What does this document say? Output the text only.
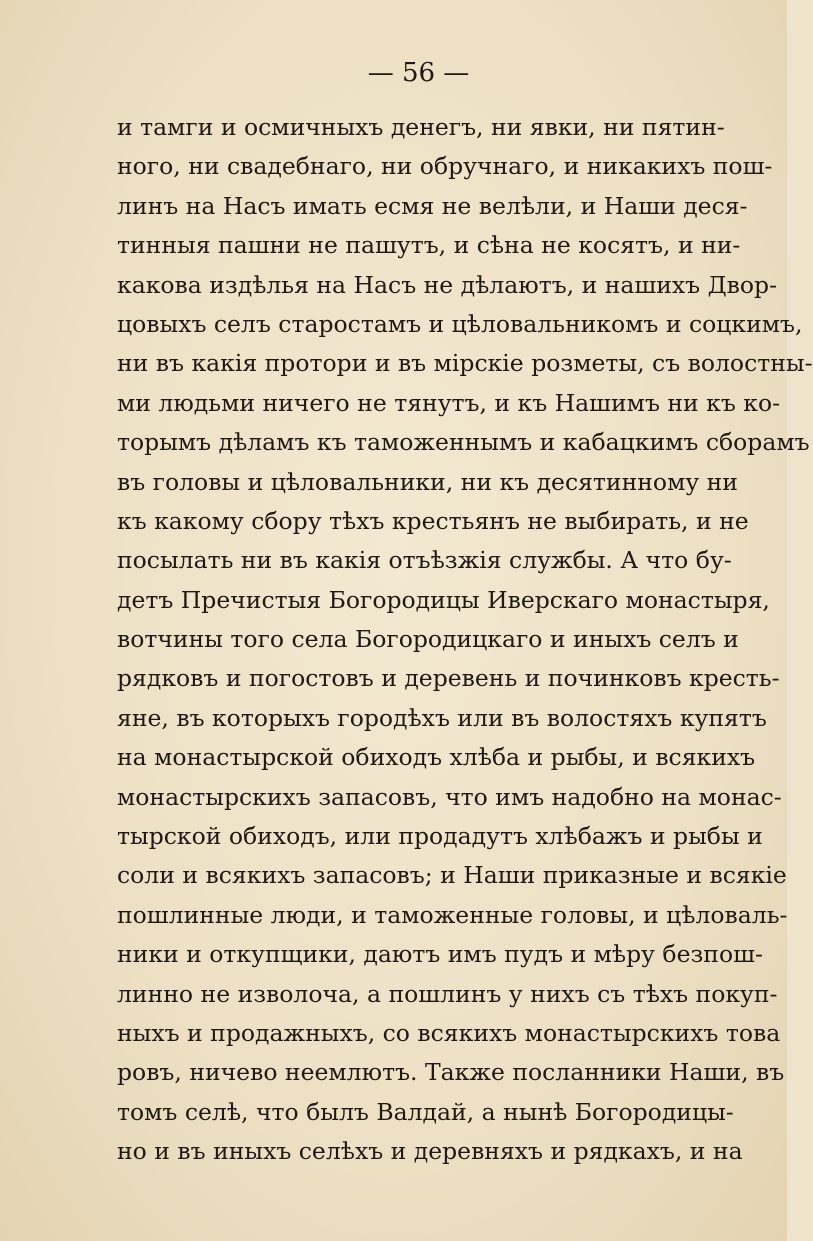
— 56 —
и тамги и осмичныхъ денегъ, ни явки, ни пятин-
ного, ни свадебнаго, ни обручнаго, и никакихъ пош-
линъ на Насъ имать есмя не велѣли, и Наши деся-
тинныя пашни не пашутъ, и сѣна не косятъ, и ни-
какова издѣлья на Насъ не дѣлаютъ, и нашихъ Двор-
цовыхъ селъ старостамъ и цѣловальникомъ и соцкимъ,
ни въ какія протори и въ мірскіе розметы, съ волостны-
ми людьми ничего не тянутъ, и къ Нашимъ ни къ ко-
торымъ дѣламъ къ таможеннымъ и кабацкимъ сборамъ
въ головы и цѣловальники, ни къ десятинному ни
къ какому сбору тѣхъ крестьянъ не выбирать, и не
посылать ни въ какія отъѣзжія службы. А что бу-
детъ Пречистыя Богородицы Иверскаго монастыря,
вотчины того села Богородицкаго и иныхъ селъ и
рядковъ и погостовъ и деревень и починковъ кресть-
яне, въ которыхъ городѣхъ или въ волостяхъ купятъ
на монастырской обиходъ хлѣба и рыбы, и всякихъ
монастырскихъ запасовъ, что имъ надобно на монас-
тырской обиходъ, или продадутъ хлѣбажъ и рыбы и
соли и всякихъ запасовъ; и Наши приказные и всякіе
пошлинные люди, и таможенные головы, и цѣловаль-
ники и откупщики, даютъ имъ пудъ и мѣру безпош-
линно не изволоча, а пошлинъ у нихъ съ тѣхъ покуп-
ныхъ и продажныхъ, со всякихъ монастырскихъ това
ровъ, ничево неемлютъ. Также посланники Наши, въ
томъ селѣ, что былъ Валдай, а нынѣ Богородицы-
но и въ иныхъ селѣхъ и деревняхъ и рядкахъ, и на
